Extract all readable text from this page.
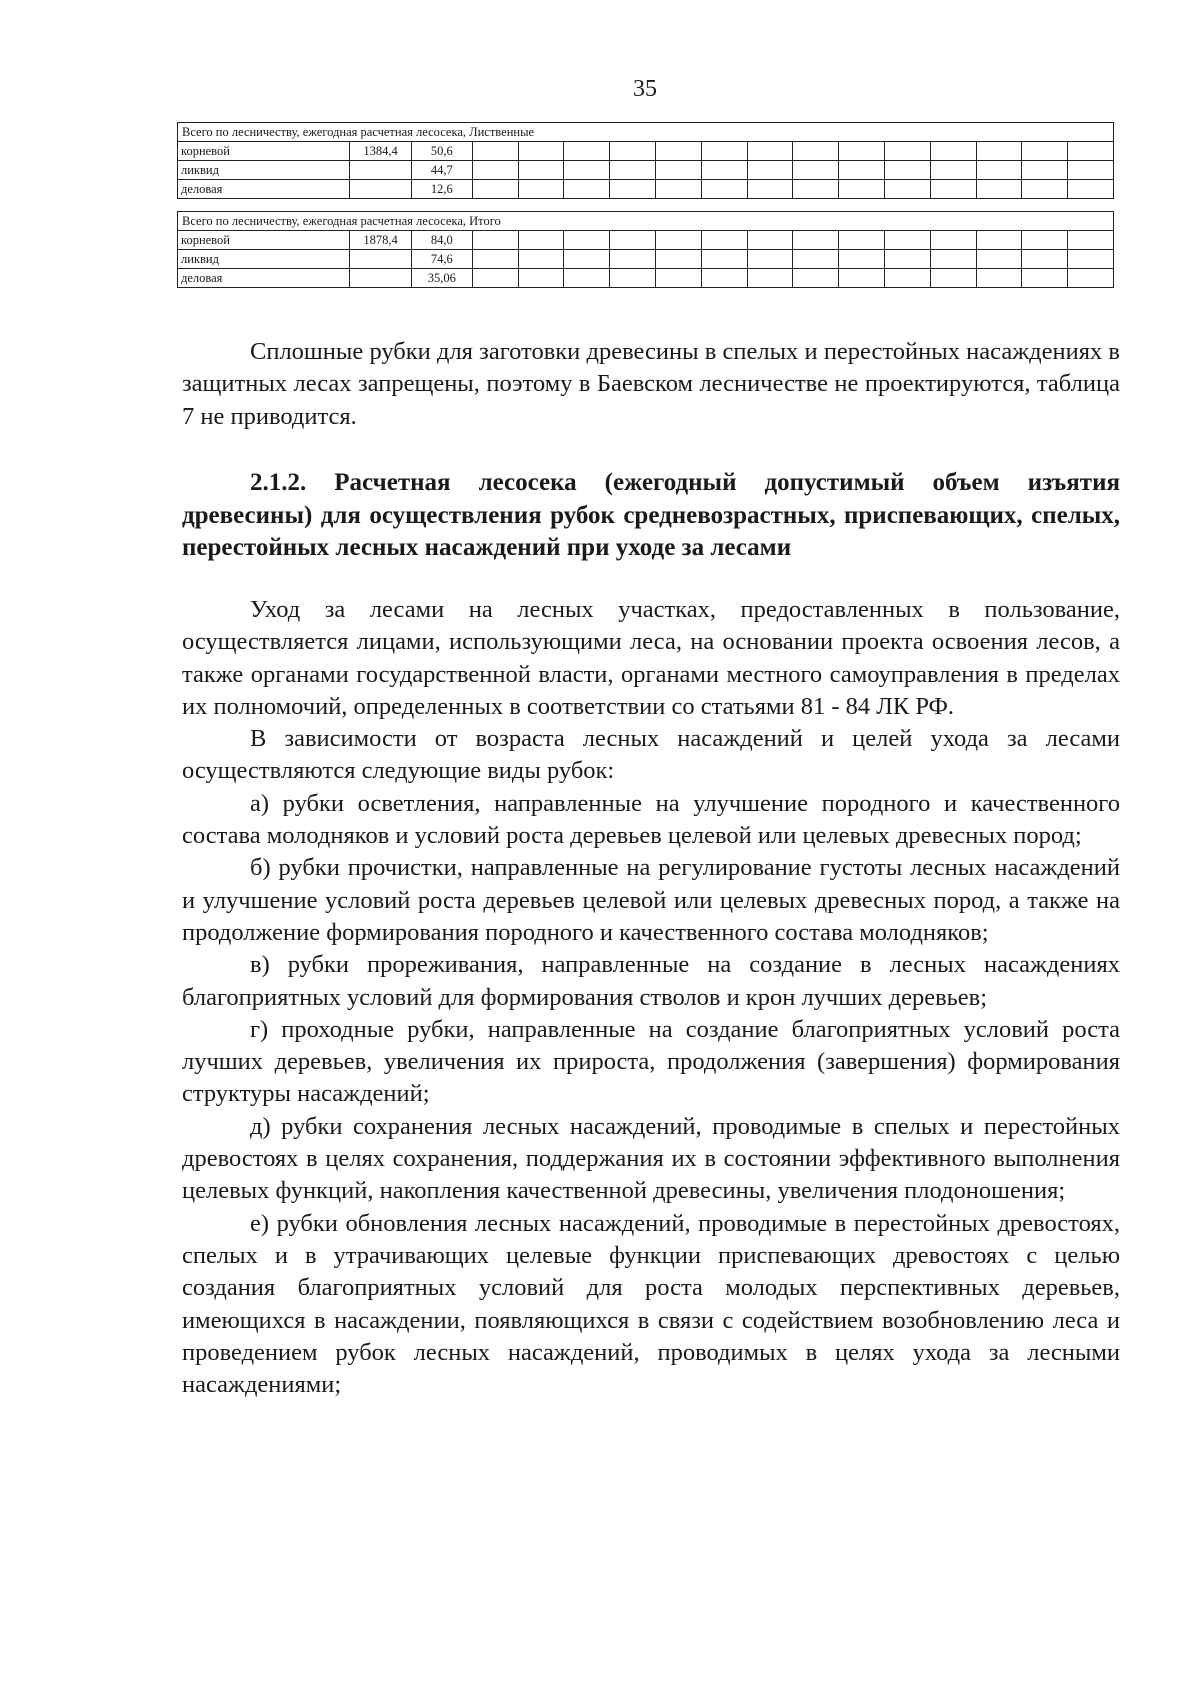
35
Всего по лесничеству, ежегодная расчетная лесосека, Лиственные																
корневой	1384,4	50,6														
ликвид		44,7														
деловая		12,6														

Всего по лесничеству, ежегодная расчетная лесосека, Итого																
корневой	1878,4	84,0														
ликвид		74,6														
деловая		35,06														

Сплошные рубки для заготовки древесины в спелых и перестойных насаждениях в защитных лесах запрещены, поэтому в Баевском лесничестве не проектируются, таблица 7 не приводится.

2.1.2. Расчетная лесосека (ежегодный допустимый объем изъятия древесины) для осуществления рубок средневозрастных, приспевающих, спелых, перестойных лесных насаждений при уходе за лесами

Уход за лесами на лесных участках, предоставленных в пользование, осуществляется лицами, использующими леса, на основании проекта освоения лесов, а также органами государственной власти, органами местного самоуправления в пределах их полномочий, определенных в соответствии со статьями 81 - 84 ЛК РФ.

В зависимости от возраста лесных насаждений и целей ухода за лесами осуществляются следующие виды рубок:

а) рубки осветления, направленные на улучшение породного и качественного состава молодняков и условий роста деревьев целевой или целевых древесных пород;

б) рубки прочистки, направленные на регулирование густоты лесных насаждений и улучшение условий роста деревьев целевой или целевых древесных пород, а также на продолжение формирования породного и качественного состава молодняков;

в) рубки прореживания, направленные на создание в лесных насаждениях благоприятных условий для формирования стволов и крон лучших деревьев;

г) проходные рубки, направленные на создание благоприятных условий роста лучших деревьев, увеличения их прироста, продолжения (завершения) формирования структуры насаждений;

д) рубки сохранения лесных насаждений, проводимые в спелых и перестойных древостоях в целях сохранения, поддержания их в состоянии эффективного выполнения целевых функций, накопления качественной древесины, увеличения плодоношения;

е) рубки обновления лесных насаждений, проводимые в перестойных древостоях, спелых и в утрачивающих целевые функции приспевающих древостоях с целью создания благоприятных условий для роста молодых перспективных деревьев, имеющихся в насаждении, появляющихся в связи с содействием возобновлению леса и проведением рубок лесных насаждений, проводимых в целях ухода за лесными насаждениями;
